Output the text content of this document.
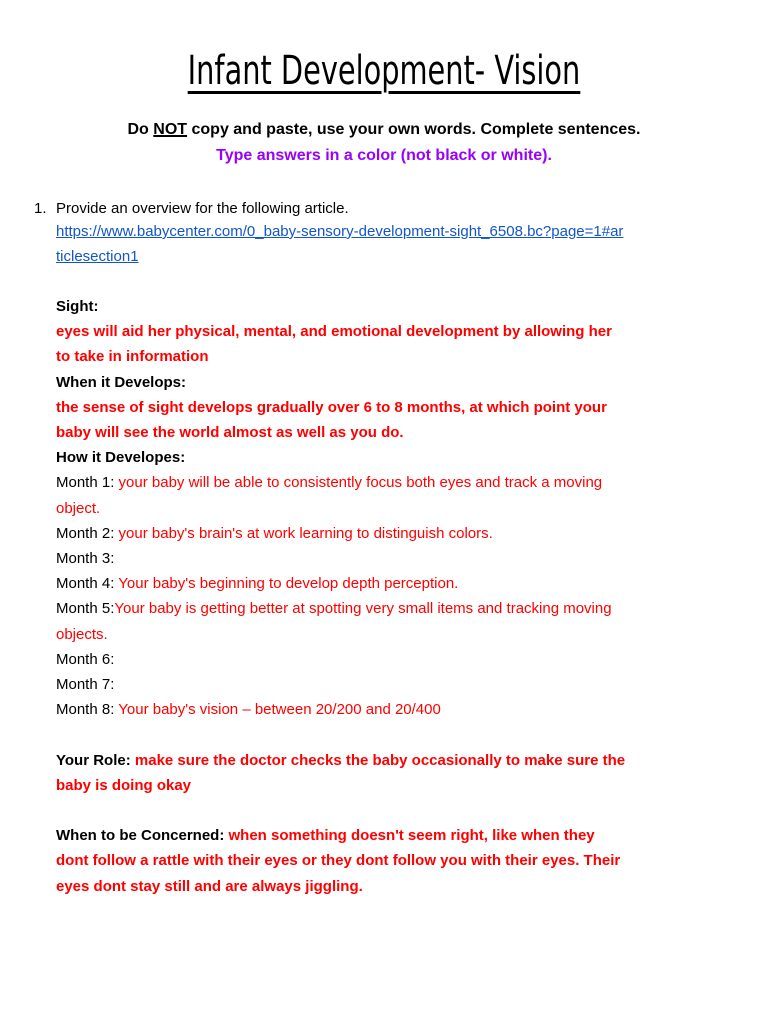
Infant Development- Vision
Do NOT copy and paste, use your own words. Complete sentences.
Type answers in a color (not black or white).
1. Provide an overview for the following article.
https://www.babycenter.com/0_baby-sensory-development-sight_6508.bc?page=1#ar
ticlesection1
Sight:
eyes will aid her physical, mental, and emotional development by allowing her
to take in information
When it Develops:
the sense of sight develops gradually over 6 to 8 months, at which point your
baby will see the world almost as well as you do.
How it Developes:
Month 1: your baby will be able to consistently focus both eyes and track a moving
object.
Month 2: your baby's brain's at work learning to distinguish colors.
Month 3:
Month 4: Your baby's beginning to develop depth perception.
Month 5:Your baby is getting better at spotting very small items and tracking moving
objects.
Month 6:
Month 7:
Month 8: Your baby's vision – between 20/200 and 20/400
Your Role: make sure the doctor checks the baby occasionally to make sure the
baby is doing okay
When to be Concerned: when something doesn't seem right, like when they
dont follow a rattle with their eyes or they dont follow you with their eyes. Their
eyes dont stay still and are always jiggling.
